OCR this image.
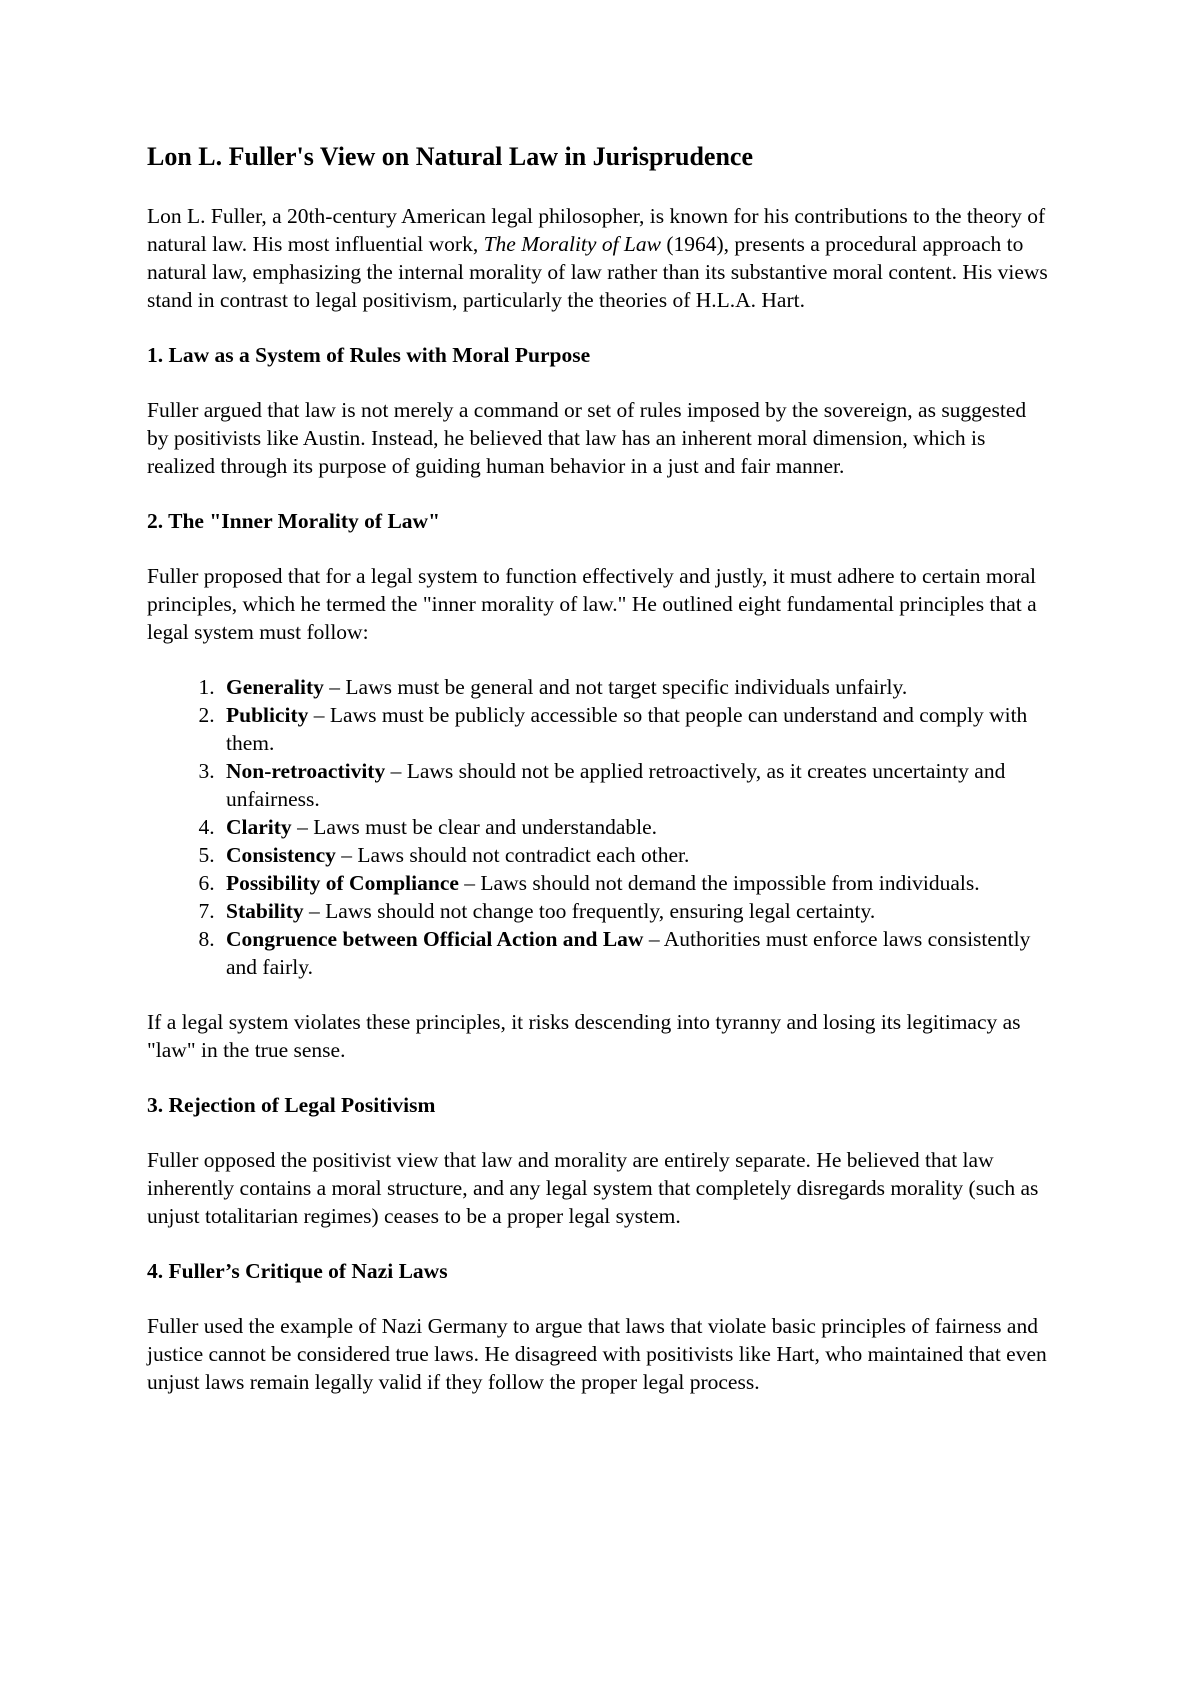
Lon L. Fuller's View on Natural Law in Jurisprudence

Lon L. Fuller, a 20th-century American legal philosopher, is known for his contributions to the theory of natural law. His most influential work, The Morality of Law (1964), presents a procedural approach to natural law, emphasizing the internal morality of law rather than its substantive moral content. His views stand in contrast to legal positivism, particularly the theories of H.L.A. Hart.

1. Law as a System of Rules with Moral Purpose

Fuller argued that law is not merely a command or set of rules imposed by the sovereign, as suggested by positivists like Austin. Instead, he believed that law has an inherent moral dimension, which is realized through its purpose of guiding human behavior in a just and fair manner.

2. The "Inner Morality of Law"

Fuller proposed that for a legal system to function effectively and justly, it must adhere to certain moral principles, which he termed the "inner morality of law." He outlined eight fundamental principles that a legal system must follow:

1. Generality – Laws must be general and not target specific individuals unfairly.
2. Publicity – Laws must be publicly accessible so that people can understand and comply with them.
3. Non-retroactivity – Laws should not be applied retroactively, as it creates uncertainty and unfairness.
4. Clarity – Laws must be clear and understandable.
5. Consistency – Laws should not contradict each other.
6. Possibility of Compliance – Laws should not demand the impossible from individuals.
7. Stability – Laws should not change too frequently, ensuring legal certainty.
8. Congruence between Official Action and Law – Authorities must enforce laws consistently and fairly.

If a legal system violates these principles, it risks descending into tyranny and losing its legitimacy as "law" in the true sense.

3. Rejection of Legal Positivism

Fuller opposed the positivist view that law and morality are entirely separate. He believed that law inherently contains a moral structure, and any legal system that completely disregards morality (such as unjust totalitarian regimes) ceases to be a proper legal system.

4. Fuller’s Critique of Nazi Laws

Fuller used the example of Nazi Germany to argue that laws that violate basic principles of fairness and justice cannot be considered true laws. He disagreed with positivists like Hart, who maintained that even unjust laws remain legally valid if they follow the proper legal process.
